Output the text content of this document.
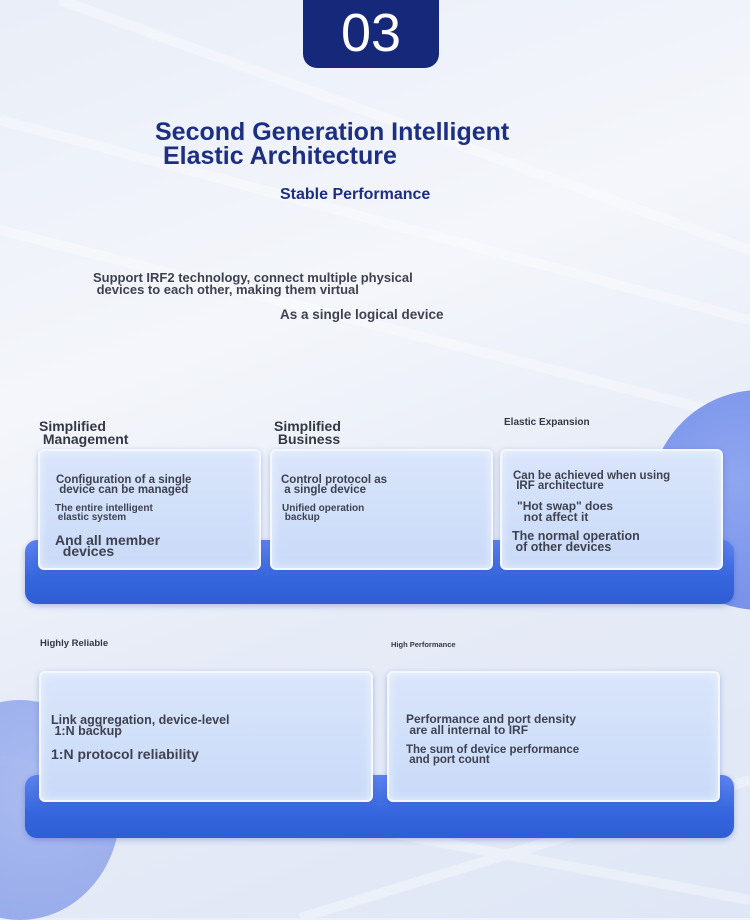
03
Second Generation Intelligent
Elastic Architecture
Stable Performance

Support IRF2 technology, connect multiple physical
devices to each other, making them virtual

As a single logical device

Simplified
Management

Simplified
Business

Elastic Expansion

Configuration of a single
device can be managed

The entire intelligent
elastic system

And all member
devices

Control protocol as
a single device

Unified operation
backup

Can be achieved when using
IRF architecture

"Hot swap" does
not affect it

The normal operation
of other devices

Highly Reliable	High Performance

Link aggregation, device-level
1:N backup

1:N protocol reliability

Performance and port density
are all internal to IRF

The sum of device performance
and port count
